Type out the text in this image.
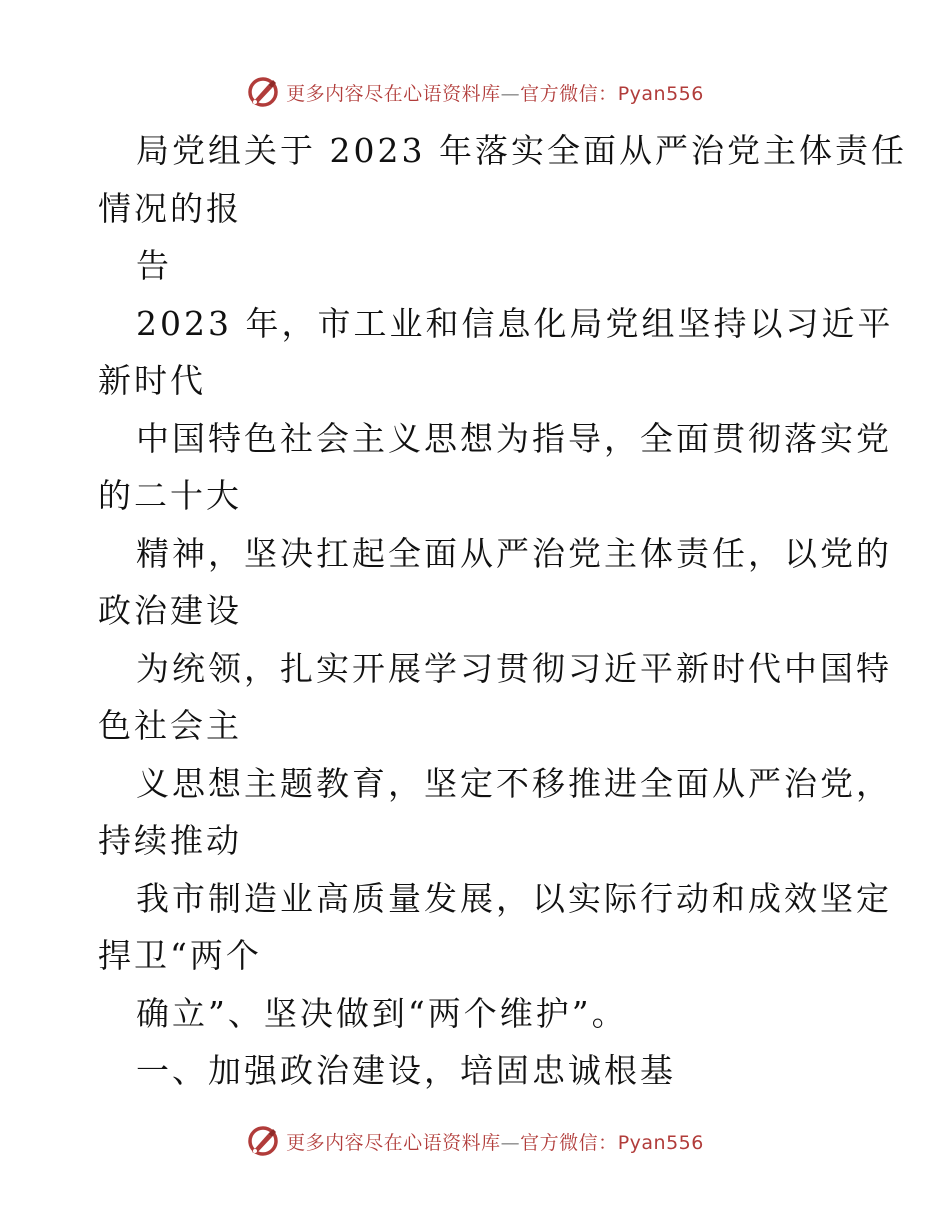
更多内容尽在心语资料库—官方微信：Pyan556
局党组关于 2023 年落实全面从严治党主体责任
情况的报
告
2023 年，市工业和信息化局党组坚持以习近平
新时代
中国特色社会主义思想为指导，全面贯彻落实党
的二十大
精神，坚决扛起全面从严治党主体责任，以党的
政治建设
为统领，扎实开展学习贯彻习近平新时代中国特
色社会主
义思想主题教育，坚定不移推进全面从严治党，
持续推动
我市制造业高质量发展，以实际行动和成效坚定
捍卫“两个
确立”、坚决做到“两个维护”。
一、加强政治建设，培固忠诚根基
更多内容尽在心语资料库—官方微信：Pyan556
